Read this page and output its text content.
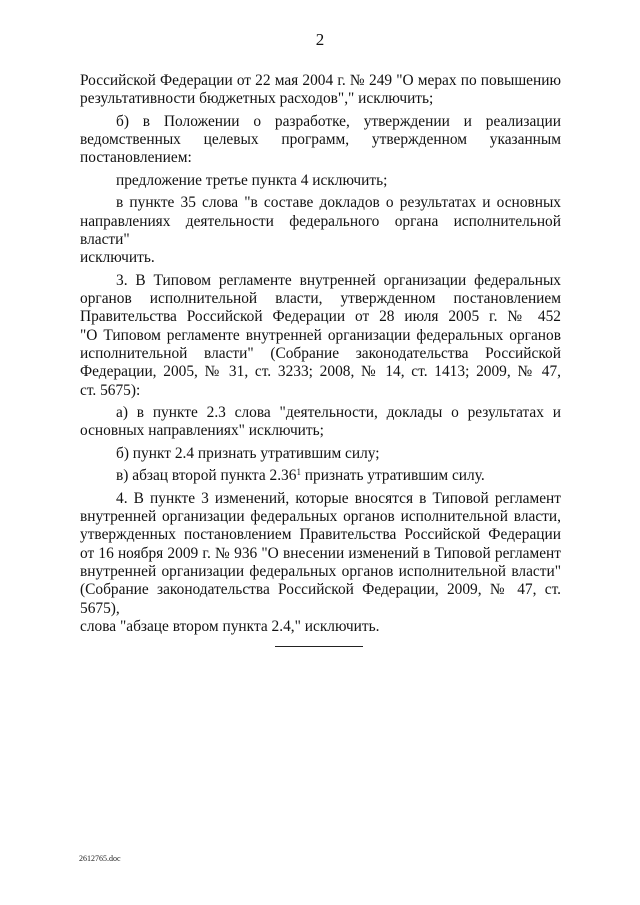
2

Российской Федерации от 22 мая 2004 г. № 249 "О мерах по повышению
результативности бюджетных расходов"," исключить;

б) в Положении о разработке, утверждении и реализации
ведомственных целевых программ, утвержденном указанным
постановлением:

предложение третье пункта 4 исключить;

в пункте 35 слова "в составе докладов о результатах и основных
направлениях деятельности федерального органа исполнительной власти"
исключить.

3. В Типовом регламенте внутренней организации федеральных
органов исполнительной власти, утвержденном постановлением
Правительства Российской Федерации от 28 июля 2005 г. № 452
"О Типовом регламенте внутренней организации федеральных органов
исполнительной власти" (Собрание законодательства Российской
Федерации, 2005, № 31, ст. 3233; 2008, № 14, ст. 1413; 2009, № 47,
ст. 5675):

а) в пункте 2.3 слова "деятельности, доклады о результатах и
основных направлениях" исключить;

б) пункт 2.4 признать утратившим силу;

в) абзац второй пункта 2.36$^1$ признать утратившим силу.

4. В пункте 3 изменений, которые вносятся в Типовой регламент
внутренней организации федеральных органов исполнительной власти,
утвержденных постановлением Правительства Российской Федерации
от 16 ноября 2009 г. № 936 "О внесении изменений в Типовой регламент
внутренней организации федеральных органов исполнительной власти"
(Собрание законодательства Российской Федерации, 2009, № 47, ст. 5675),
слова "абзаце втором пункта 2.4," исключить.

2612765.doc
